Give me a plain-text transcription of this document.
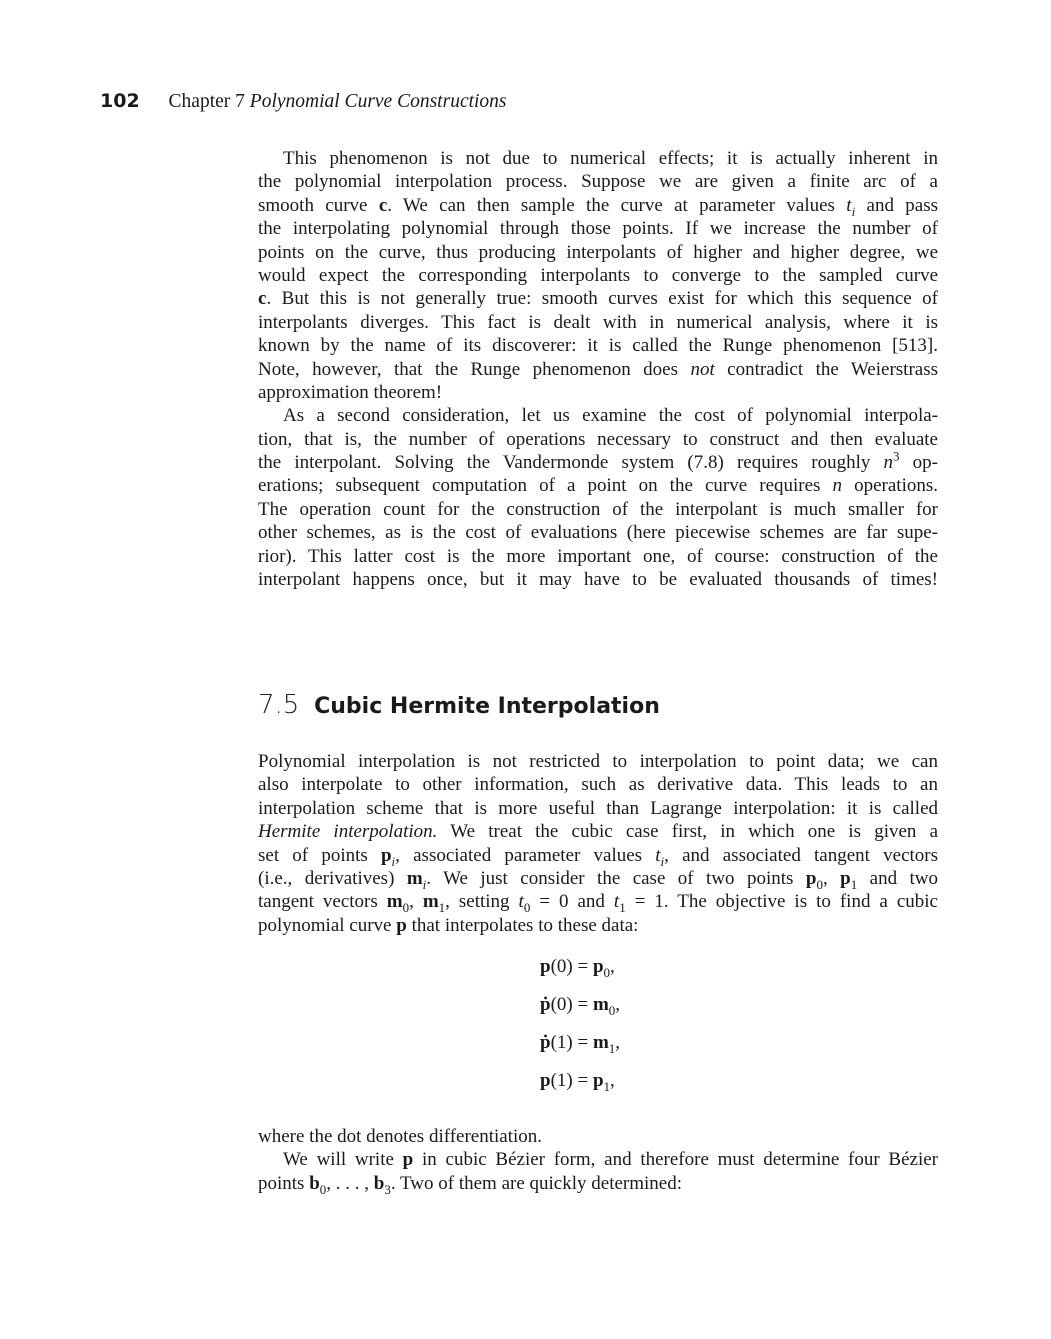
102 Chapter 7 Polynomial Curve Constructions
This phenomenon is not due to numerical effects; it is actually inherent in
the polynomial interpolation process. Suppose we are given a finite arc of a
smooth curve c. We can then sample the curve at parameter values $t_i$ and pass
the interpolating polynomial through those points. If we increase the number of
points on the curve, thus producing interpolants of higher and higher degree, we
would expect the corresponding interpolants to converge to the sampled curve
c. But this is not generally true: smooth curves exist for which this sequence of
interpolants diverges. This fact is dealt with in numerical analysis, where it is
known by the name of its discoverer: it is called the Runge phenomenon [513].
Note, however, that the Runge phenomenon does not contradict the Weierstrass
approximation theorem!
As a second consideration, let us examine the cost of polynomial interpola-
tion, that is, the number of operations necessary to construct and then evaluate
the interpolant. Solving the Vandermonde system (7.8) requires roughly $n^3$ op-
erations; subsequent computation of a point on the curve requires n operations.
The operation count for the construction of the interpolant is much smaller for
other schemes, as is the cost of evaluations (here piecewise schemes are far supe-
rior). This latter cost is the more important one, of course: construction of the
interpolant happens once, but it may have to be evaluated thousands of times!
7.5 Cubic Hermite Interpolation
Polynomial interpolation is not restricted to interpolation to point data; we can
also interpolate to other information, such as derivative data. This leads to an
interpolation scheme that is more useful than Lagrange interpolation: it is called
Hermite interpolation. We treat the cubic case first, in which one is given a
set of points $p_i$, associated parameter values $t_i$, and associated tangent vectors
(i.e., derivatives) $m_i$. We just consider the case of two points $p_0$, $p_1$ and two
tangent vectors $m_0$, $m_1$, setting $t_0 = 0$ and $t_1 = 1$. The objective is to find a cubic
polynomial curve p that interpolates to these data:
$p(0) = p_0$,
ṗ(0) = $m_0$,
ṗ(1) = $m_1$,
$p(1) = p_1$,
where the dot denotes differentiation.
We will write p in cubic Bézier form, and therefore must determine four Bézier
points $b_0$, . . . , $b_3$. Two of them are quickly determined:
